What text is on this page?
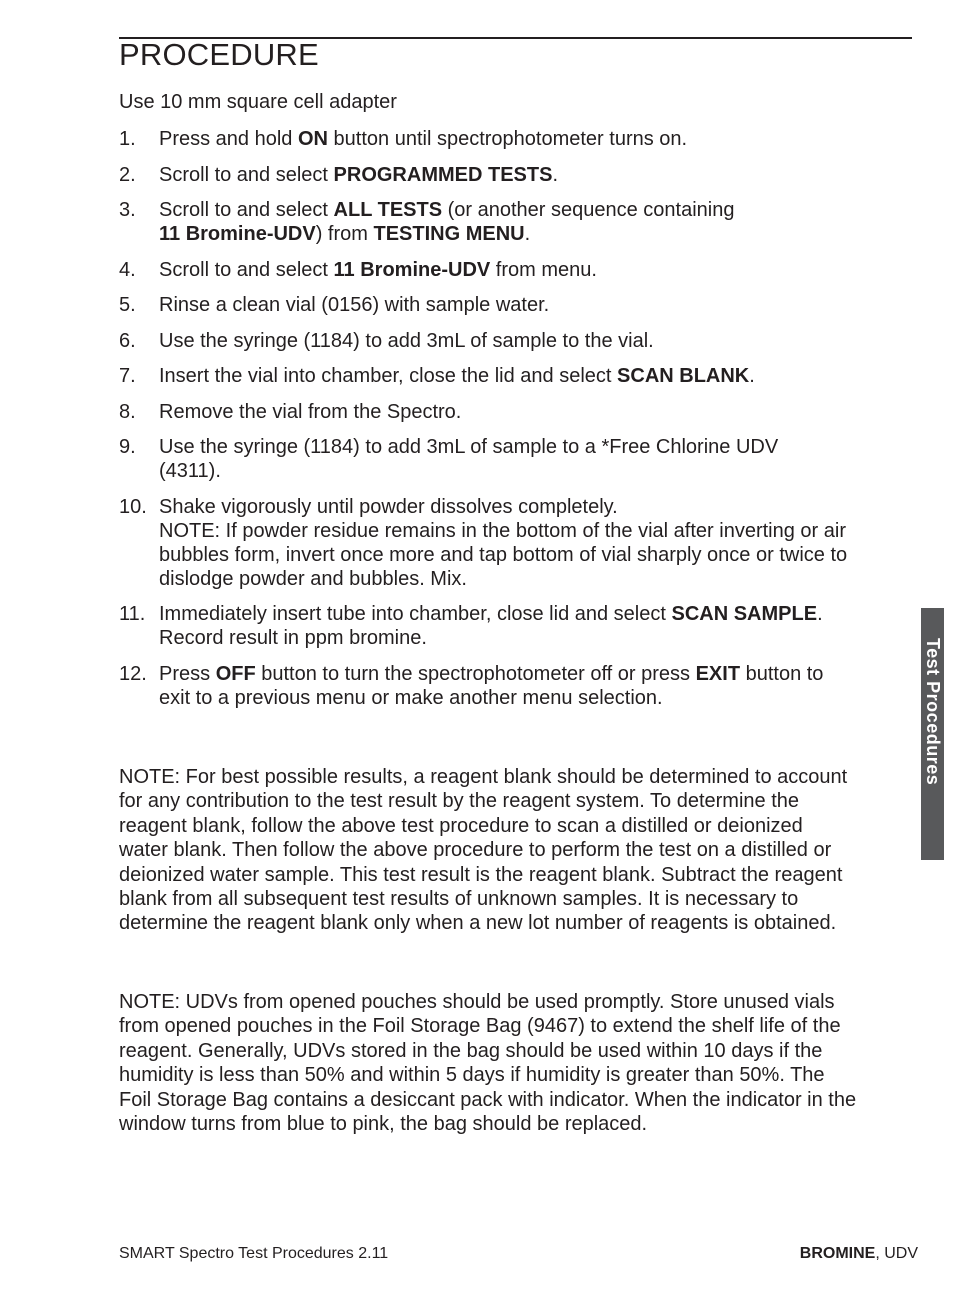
PROCEDURE

Use 10 mm square cell adapter

1. Press and hold ON button until spectrophotometer turns on.
2. Scroll to and select PROGRAMMED TESTS.
3. Scroll to and select ALL TESTS (or another sequence containing
11 Bromine-UDV) from TESTING MENU.
4. Scroll to and select 11 Bromine-UDV from menu.
5. Rinse a clean vial (0156) with sample water.
6. Use the syringe (1184) to add 3mL of sample to the vial.
7. Insert the vial into chamber, close the lid and select SCAN BLANK.
8. Remove the vial from the Spectro.
9. Use the syringe (1184) to add 3mL of sample to a *Free Chlorine UDV
(4311).
10. Shake vigorously until powder dissolves completely.
NOTE: If powder residue remains in the bottom of the vial after inverting or air
bubbles form, invert once more and tap bottom of vial sharply once or twice to
dislodge powder and bubbles. Mix.
11. Immediately insert tube into chamber, close lid and select SCAN SAMPLE.
Record result in ppm bromine.
12. Press OFF button to turn the spectrophotometer off or press EXIT button to
exit to a previous menu or make another menu selection.

NOTE: For best possible results, a reagent blank should be determined to account
for any contribution to the test result by the reagent system. To determine the
reagent blank, follow the above test procedure to scan a distilled or deionized
water blank. Then follow the above procedure to perform the test on a distilled or
deionized water sample. This test result is the reagent blank. Subtract the reagent
blank from all subsequent test results of unknown samples. It is necessary to
determine the reagent blank only when a new lot number of reagents is obtained.

NOTE: UDVs from opened pouches should be used promptly. Store unused vials
from opened pouches in the Foil Storage Bag (9467) to extend the shelf life of the
reagent. Generally, UDVs stored in the bag should be used within 10 days if the
humidity is less than 50% and within 5 days if humidity is greater than 50%. The
Foil Storage Bag contains a desiccant pack with indicator. When the indicator in the
window turns from blue to pink, the bag should be replaced.

Test Procedures
SMART Spectro Test Procedures 2.11	BROMINE, UDV
